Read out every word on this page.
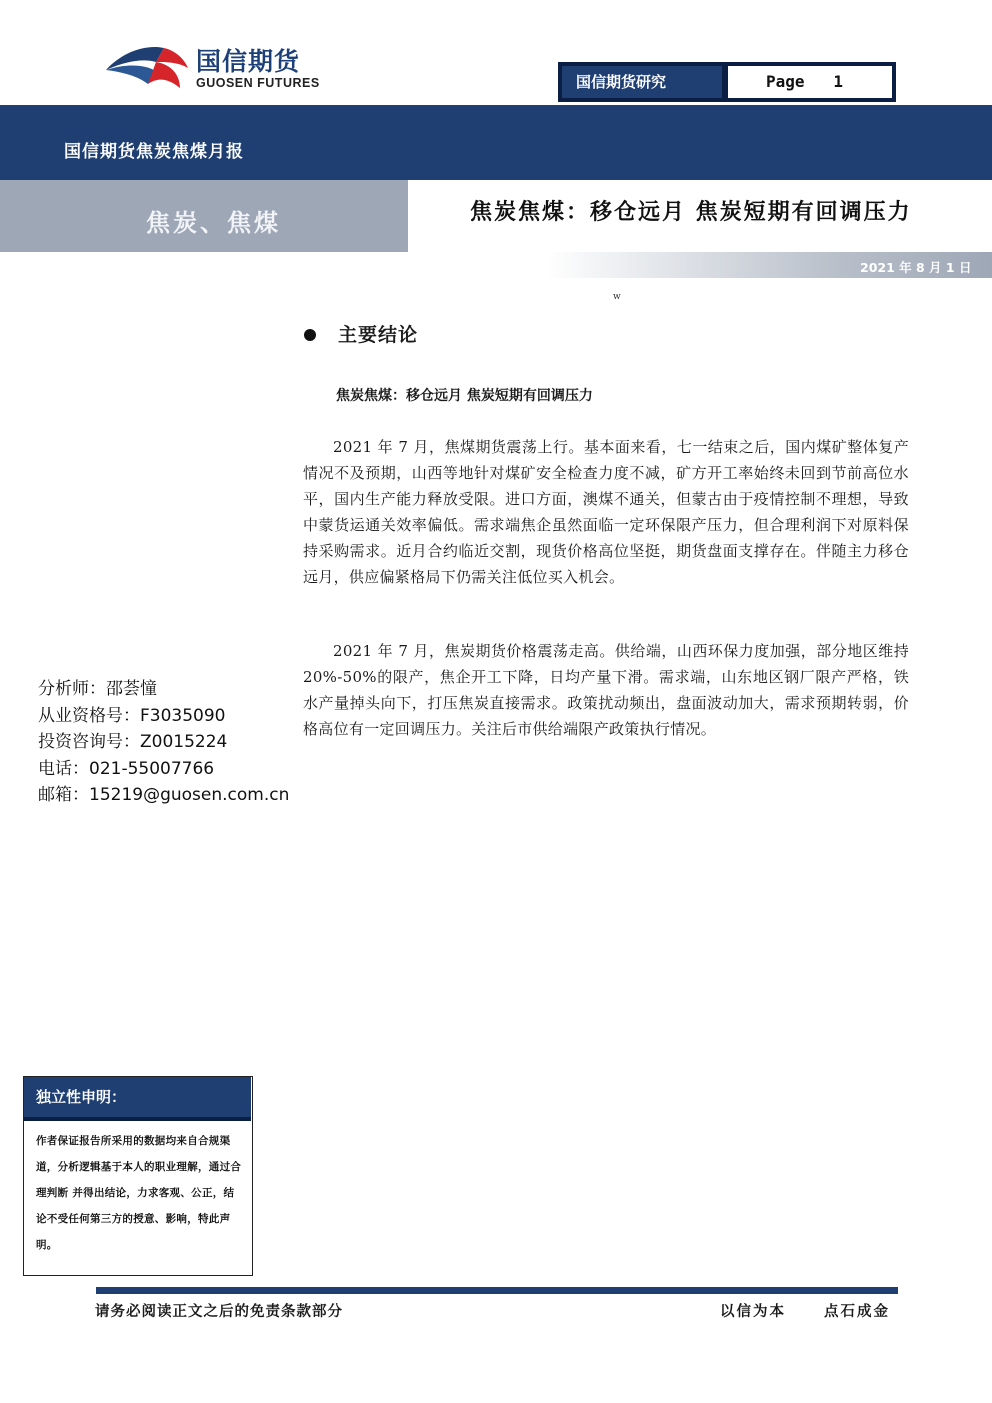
国信期货
GUOSEN FUTURES	国信期货研究	Page   1
国信期货焦炭焦煤月报
焦炭、焦煤	焦炭焦煤：移仓远月 焦炭短期有回调压力
2021 年 8 月 1 日
w
主要结论
焦炭焦煤：移仓远月 焦炭短期有回调压力

2021 年 7 月，焦煤期货震荡上行。基本面来看，七一结束之后，国内煤矿整体复产情况不及预期，山西等地针对煤矿安全检查力度不减，矿方开工率始终未回到节前高位水平，国内生产能力释放受限。进口方面，澳煤不通关，但蒙古由于疫情控制不理想，导致中蒙货运通关效率偏低。需求端焦企虽然面临一定环保限产压力，但合理利润下对原料保持采购需求。近月合约临近交割，现货价格高位坚挺，期货盘面支撑存在。伴随主力移仓远月，供应偏紧格局下仍需关注低位买入机会。

2021 年 7 月，焦炭期货价格震荡走高。供给端，山西环保力度加强，部分地区维持 20%-50%的限产，焦企开工下降，日均产量下滑。需求端，山东地区钢厂限产严格，铁水产量掉头向下，打压焦炭直接需求。政策扰动频出，盘面波动加大，需求预期转弱，价格高位有一定回调压力。关注后市供给端限产政策执行情况。

分析师：邵荟憧
从业资格号：F3035090
投资咨询号：Z0015224
电话：021-55007766
邮箱：15219@guosen.com.cn
独立性申明：
作者保证报告所采用的数据均来自合规渠道，分析逻辑基于本人的职业理解，通过合理判断 并得出结论，力求客观、公正，结论不受任何第三方的授意、影响，特此声明。
请务必阅读正文之后的免责条款部分	以信为本	点石成金
